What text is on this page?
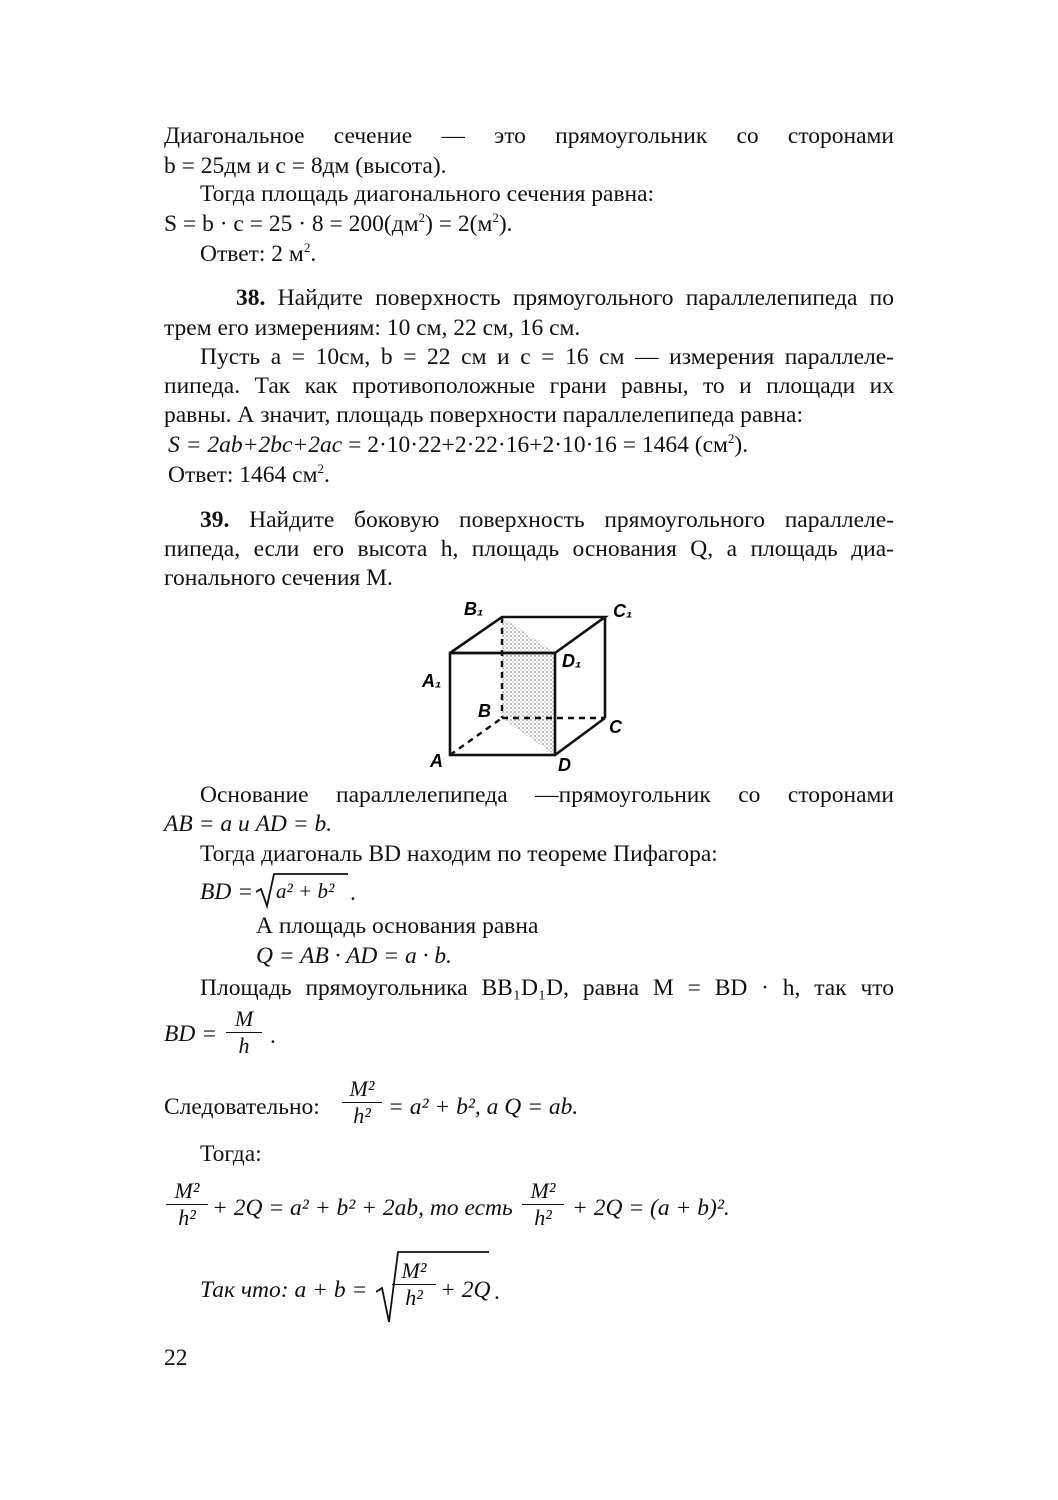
Диагональное сечение — это прямоугольник со сторонами
b = 25дм и с = 8дм (высота).
Тогда площадь диагонального сечения равна:
$S = b \cdot c = 25 \cdot 8 = 200(дм^2) = 2(м^2)$.
Ответ: 2 $м^2$.
38. Найдите поверхность прямоугольного параллелепипеда по
трем его измерениям: 10 см, 22 см, 16 см.
Пусть a = 10см, b = 22 см и c = 16 см — измерения параллеле-
пипеда. Так как противоположные грани равны, то и площади их
равны. А значит, площадь поверхности параллелепипеда равна:
S = 2ab+2bc+2ac = 2·10·22+2·22·16+2·10·16 = 1464 $(см^2)$.
Ответ: 1464 $см^2$.
39. Найдите боковую поверхность прямоугольного параллеле-
пипеда, если его высота h, площадь основания Q, а площадь диа-
гонального сечения M.
B₁	C₁
D₁
A₁
B
C
A	D
Основание параллелепипеда —прямоугольник со сторонами
AB = a и AD = b.
Тогда диагональ BD находим по теореме Пифагора:
BD = a² + b² .
А площадь основания равна
Q = AB · AD = a · b.
Площадь прямоугольника BB₁D₁D, равна M = BD · h, так что
BD =
M
h .
Следовательно:
M²
h² = a² + b², а Q = ab.
Тогда:
M²
h² + 2Q = a² + b² + 2ab, то есть
M²
h² + 2Q = (a + b)².
Так что: a + b =
M²
h² + 2Q .
22
